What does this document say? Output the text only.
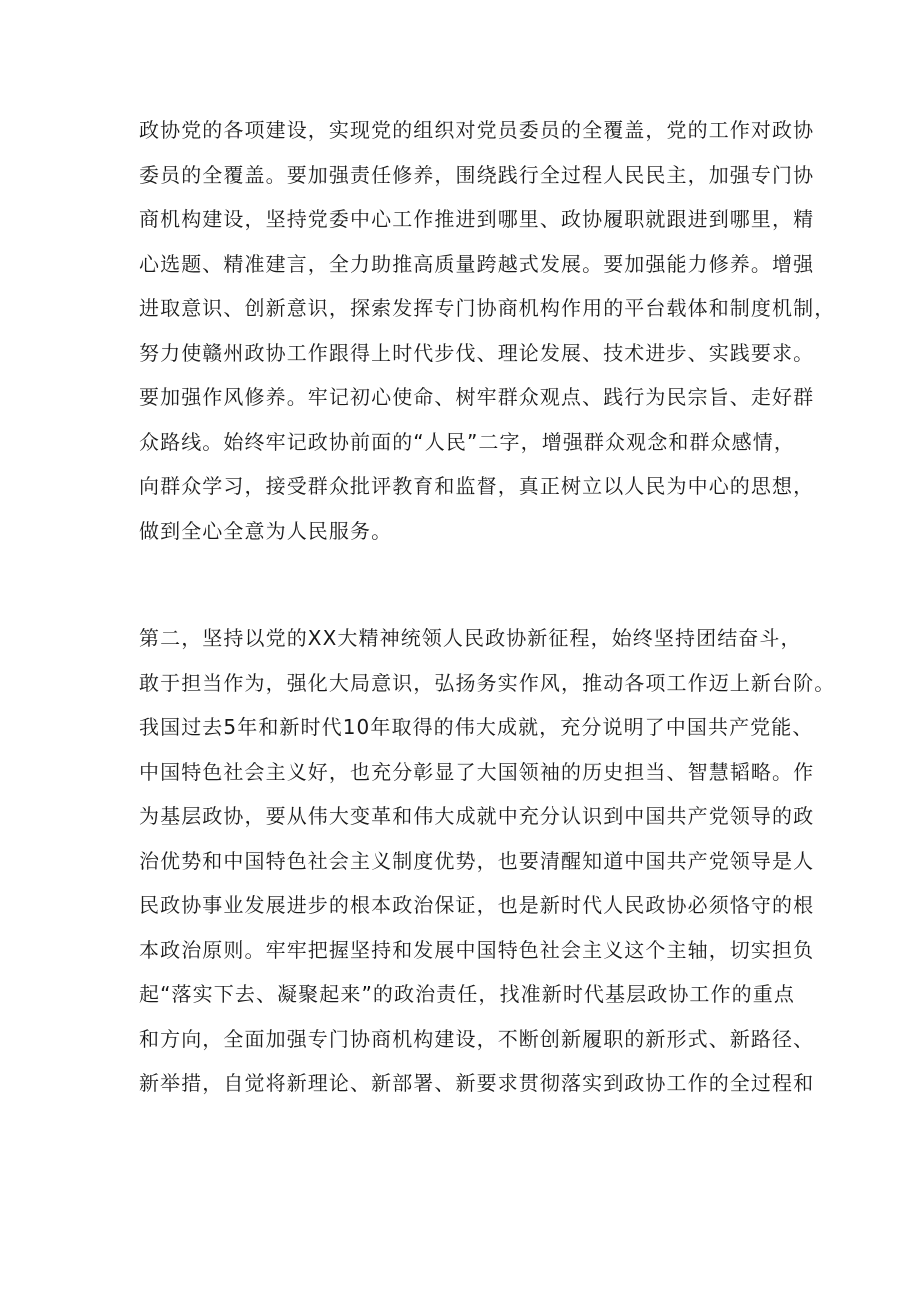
政协党的各项建设，实现党的组织对党员委员的全覆盖，党的工作对政协
委员的全覆盖。要加强责任修养，围绕践行全过程人民民主，加强专门协
商机构建设，坚持党委中心工作推进到哪里、政协履职就跟进到哪里，精
心选题、精准建言，全力助推高质量跨越式发展。要加强能力修养。增强
进取意识、创新意识，探索发挥专门协商机构作用的平台载体和制度机制，
努力使赣州政协工作跟得上时代步伐、理论发展、技术进步、实践要求。
要加强作风修养。牢记初心使命、树牢群众观点、践行为民宗旨、走好群
众路线。始终牢记政协前面的“人民”二字，增强群众观念和群众感情，
向群众学习，接受群众批评教育和监督，真正树立以人民为中心的思想，
做到全心全意为人民服务。
第二，坚持以党的XX大精神统领人民政协新征程，始终坚持团结奋斗，
敢于担当作为，强化大局意识，弘扬务实作风，推动各项工作迈上新台阶。
我国过去5年和新时代10年取得的伟大成就，充分说明了中国共产党能、
中国特色社会主义好，也充分彰显了大国领袖的历史担当、智慧韬略。作
为基层政协，要从伟大变革和伟大成就中充分认识到中国共产党领导的政
治优势和中国特色社会主义制度优势，也要清醒知道中国共产党领导是人
民政协事业发展进步的根本政治保证，也是新时代人民政协必须恪守的根
本政治原则。牢牢把握坚持和发展中国特色社会主义这个主轴，切实担负
起“落实下去、凝聚起来”的政治责任，找准新时代基层政协工作的重点
和方向，全面加强专门协商机构建设，不断创新履职的新形式、新路径、
新举措，自觉将新理论、新部署、新要求贯彻落实到政协工作的全过程和
